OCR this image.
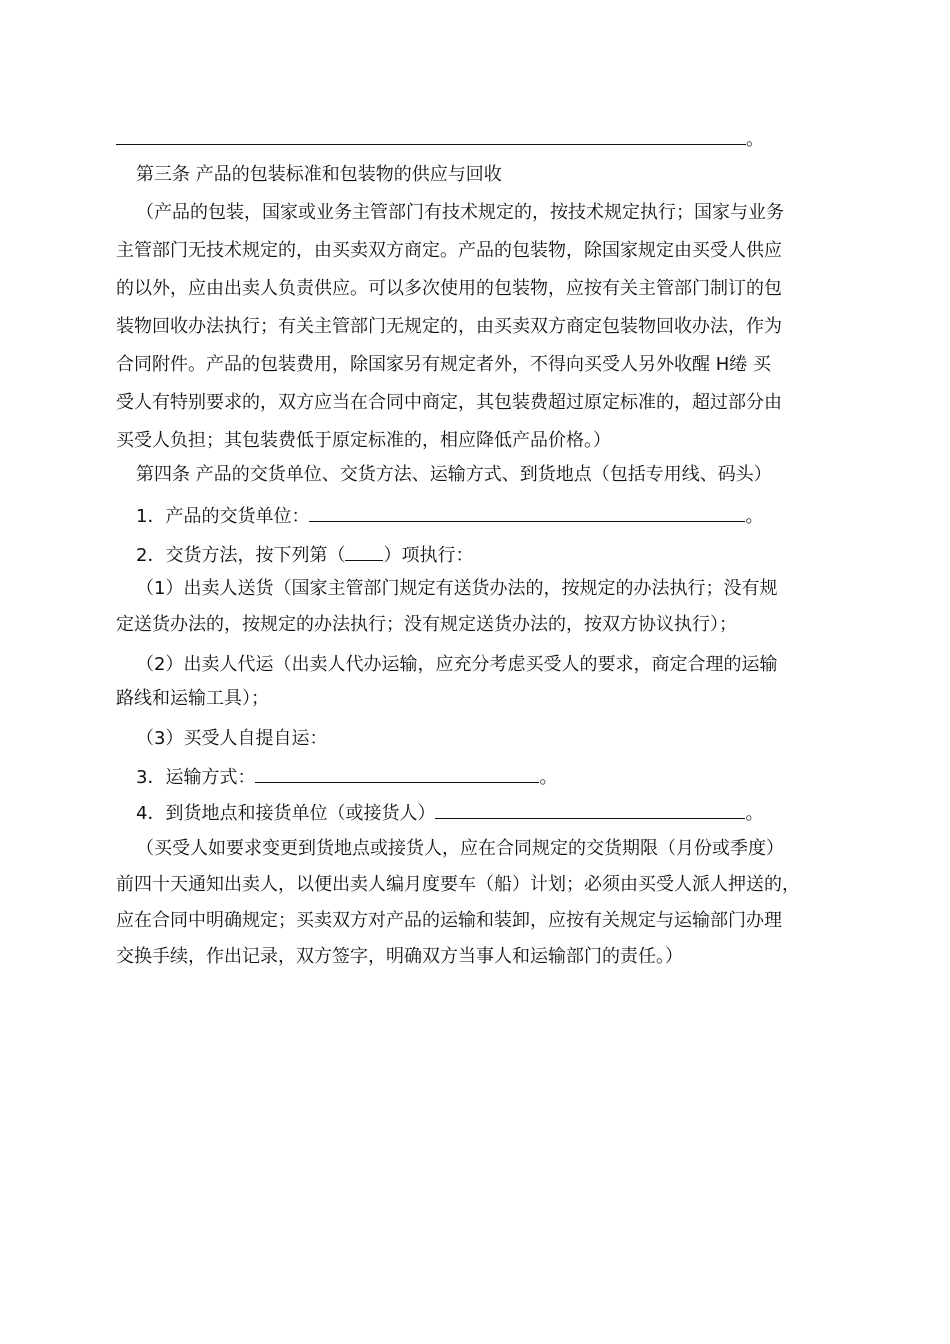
。
第三条 产品的包装标准和包装物的供应与回收
（产品的包装，国家或业务主管部门有技术规定的，按技术规定执行；国家与业务
主管部门无技术规定的，由买卖双方商定。产品的包装物，除国家规定由买受人供应
的以外，应由出卖人负责供应。可以多次使用的包装物，应按有关主管部门制订的包
装物回收办法执行；有关主管部门无规定的，由买卖双方商定包装物回收办法，作为
合同附件。产品的包装费用，除国家另有规定者外，不得向买受人另外收醒 H绻 买
受人有特别要求的，双方应当在合同中商定，其包装费超过原定标准的，超过部分由
买受人负担；其包装费低于原定标准的，相应降低产品价格。）
第四条 产品的交货单位、交货方法、运输方式、到货地点（包括专用线、码头）
1．产品的交货单位：	。
2．交货方法，按下列第（ ）项执行：
（1）出卖人送货（国家主管部门规定有送货办法的，按规定的办法执行；没有规
定送货办法的，按规定的办法执行；没有规定送货办法的，按双方协议执行）；
（2）出卖人代运（出卖人代办运输，应充分考虑买受人的要求，商定合理的运输
路线和运输工具）；
（3）买受人自提自运：
3．运输方式：	。
4．到货地点和接货单位（或接货人）	。
（买受人如要求变更到货地点或接货人，应在合同规定的交货期限（月份或季度）
前四十天通知出卖人，以便出卖人编月度要车（船）计划；必须由买受人派人押送的，
应在合同中明确规定；买卖双方对产品的运输和装卸，应按有关规定与运输部门办理
交换手续，作出记录，双方签字，明确双方当事人和运输部门的责任。）
